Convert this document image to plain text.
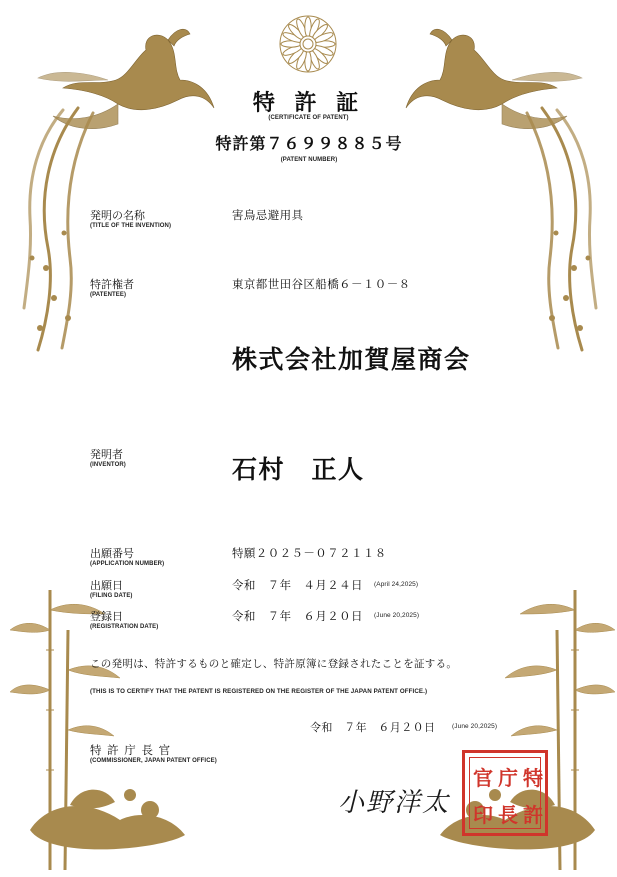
特 許 証
(CERTIFICATE OF PATENT)
特許第７６９９８８５号
(PATENT NUMBER)
発明の名称
(TITLE OF THE INVENTION)
害鳥忌避用具
特許権者
(PATENTEE)
東京都世田谷区船橋６－１０－８
株式会社加賀屋商会
発明者
(INVENTOR)	石村　正人
出願番号
(APPLICATION NUMBER)
特願２０２５－０７２１１８
出願日
(FILING DATE)
令和　７年　４月２４日 (April 24,2025)
登録日
(REGISTRATION DATE)
令和　７年　６月２０日 (June 20,2025)
この発明は、特許するものと確定し、特許原簿に登録されたことを証する。
(THIS IS TO CERTIFY THAT THE PATENT IS REGISTERED ON THE REGISTER OF THE JAPAN PATENT OFFICE.)
令和　７年　６月２０日	(June 20,2025)
特 許 庁 長 官
(COMMISSIONER, JAPAN PATENT OFFICE)
小野洋太
特
許
庁
長
官
印
